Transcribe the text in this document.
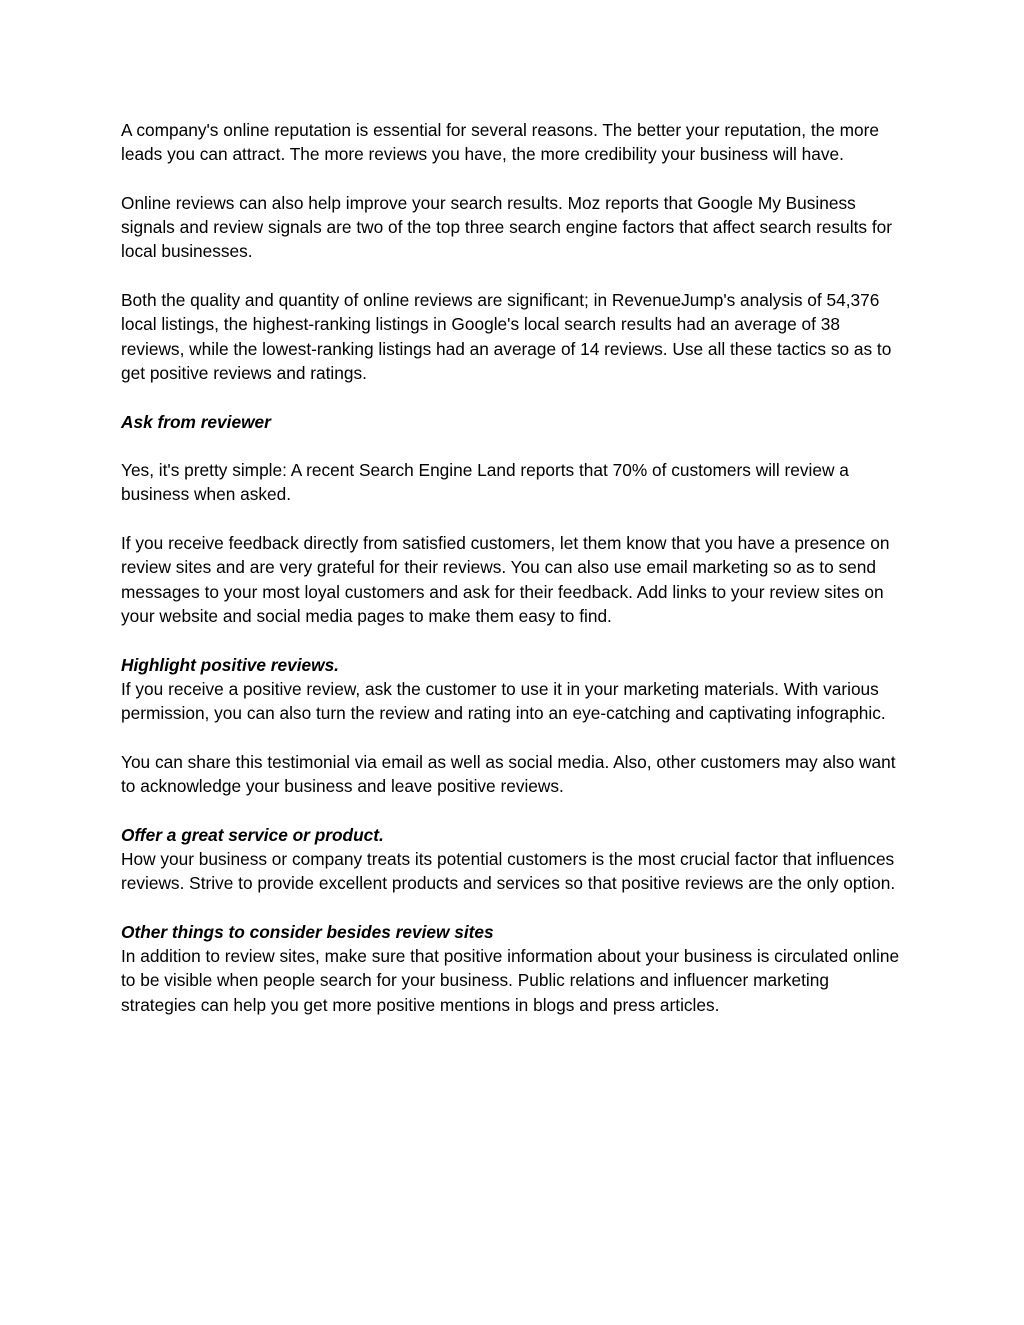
A company's online reputation is essential for several reasons. The better your reputation, the more leads you can attract. The more reviews you have, the more credibility your business will have.

Online reviews can also help improve your search results. Moz reports that Google My Business signals and review signals are two of the top three search engine factors that affect search results for local businesses.

Both the quality and quantity of online reviews are significant; in RevenueJump's analysis of 54,376 local listings, the highest-ranking listings in Google's local search results had an average of 38 reviews, while the lowest-ranking listings had an average of 14 reviews. Use all these tactics so as to get positive reviews and ratings.

Ask from reviewer

Yes, it's pretty simple: A recent Search Engine Land reports that 70% of customers will review a business when asked.

If you receive feedback directly from satisfied customers, let them know that you have a presence on review sites and are very grateful for their reviews. You can also use email marketing so as to send messages to your most loyal customers and ask for their feedback. Add links to your review sites on your website and social media pages to make them easy to find.

Highlight positive reviews.

If you receive a positive review, ask the customer to use it in your marketing materials. With various permission, you can also turn the review and rating into an eye-catching and captivating infographic.

You can share this testimonial via email as well as social media. Also, other customers may also want to acknowledge your business and leave positive reviews.

Offer a great service or product.

How your business or company treats its potential customers is the most crucial factor that influences reviews. Strive to provide excellent products and services so that positive reviews are the only option.

Other things to consider besides review sites

In addition to review sites, make sure that positive information about your business is circulated online to be visible when people search for your business. Public relations and influencer marketing strategies can help you get more positive mentions in blogs and press articles.
